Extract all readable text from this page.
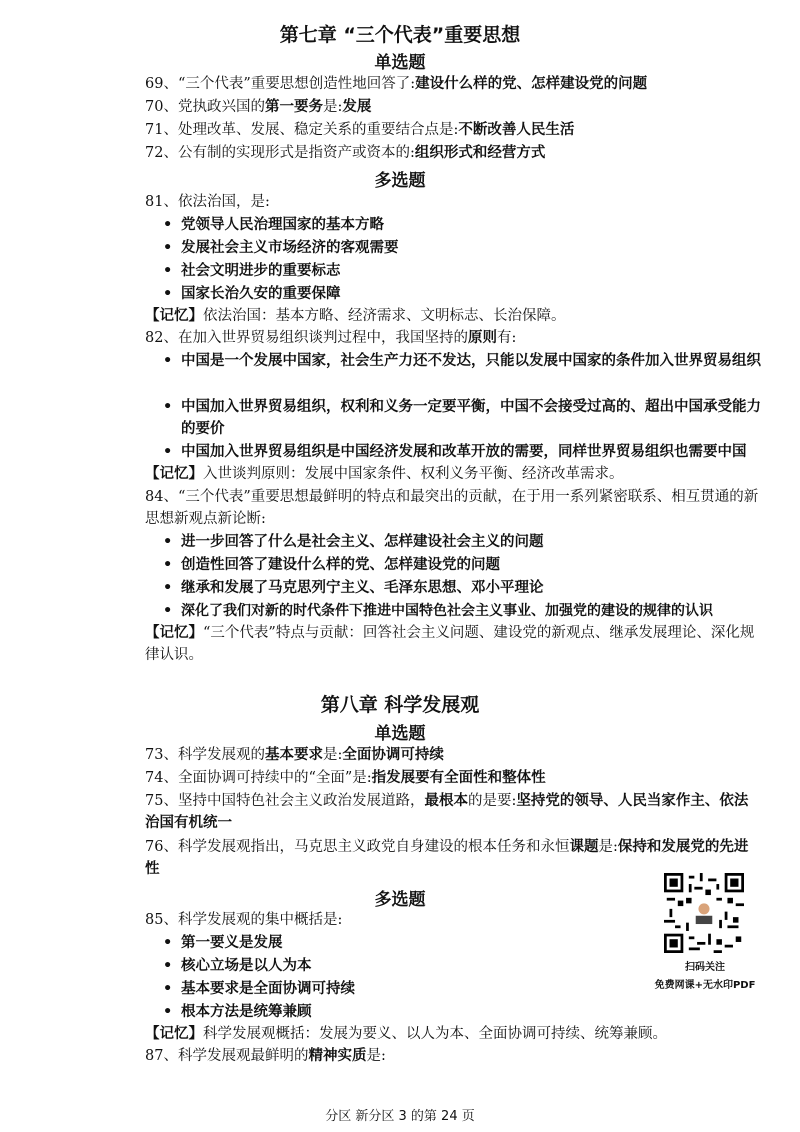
第七章 “三个代表”重要思想
单选题
69、“三个代表”重要思想创造性地回答了:建设什么样的党、怎样建设党的问题
70、党执政兴国的第一要务是:发展
71、处理改革、发展、稳定关系的重要结合点是:不断改善人民生活
72、公有制的实现形式是指资产或资本的:组织形式和经营方式
多选题
81、依法治国，是:
• 党领导人民治理国家的基本方略
• 发展社会主义市场经济的客观需要
• 社会文明进步的重要标志
• 国家长治久安的重要保障
【记忆】依法治国：基本方略、经济需求、文明标志、长治保障。
82、在加入世界贸易组织谈判过程中，我国坚持的原则有:
• 中国是一个发展中国家，社会生产力还不发达，只能以发展中国家的条件加入世界贸易组织
• 中国加入世界贸易组织，权利和义务一定要平衡，中国不会接受过高的、超出中国承受能力的要价
• 中国加入世界贸易组织是中国经济发展和改革开放的需要，同样世界贸易组织也需要中国
【记忆】入世谈判原则：发展中国家条件、权利义务平衡、经济改革需求。
84、“三个代表”重要思想最鲜明的特点和最突出的贡献，在于用一系列紧密联系、相互贯通的新思想新观点新论断:
• 进一步回答了什么是社会主义、怎样建设社会主义的问题
• 创造性回答了建设什么样的党、怎样建设党的问题
• 继承和发展了马克思列宁主义、毛泽东思想、邓小平理论
• 深化了我们对新的时代条件下推进中国特色社会主义事业、加强党的建设的规律的认识
【记忆】“三个代表”特点与贡献：回答社会主义问题、建设党的新观点、继承发展理论、深化规律认识。
第八章 科学发展观
单选题
73、科学发展观的基本要求是:全面协调可持续
74、全面协调可持续中的“全面”是:指发展要有全面性和整体性
75、坚持中国特色社会主义政治发展道路，最根本的是要:坚持党的领导、人民当家作主、依法治国有机统一
76、科学发展观指出，马克思主义政党自身建设的根本任务和永恒课题是:保持和发展党的先进性
多选题
85、科学发展观的集中概括是:
• 第一要义是发展
• 核心立场是以人为本
• 基本要求是全面协调可持续
• 根本方法是统筹兼顾
【记忆】科学发展观概括：发展为要义、以人为本、全面协调可持续、统筹兼顾。
87、科学发展观最鲜明的精神实质是:
扫码关注
免费网课+无水印PDF
分区 新分区 3 的第 24 页
